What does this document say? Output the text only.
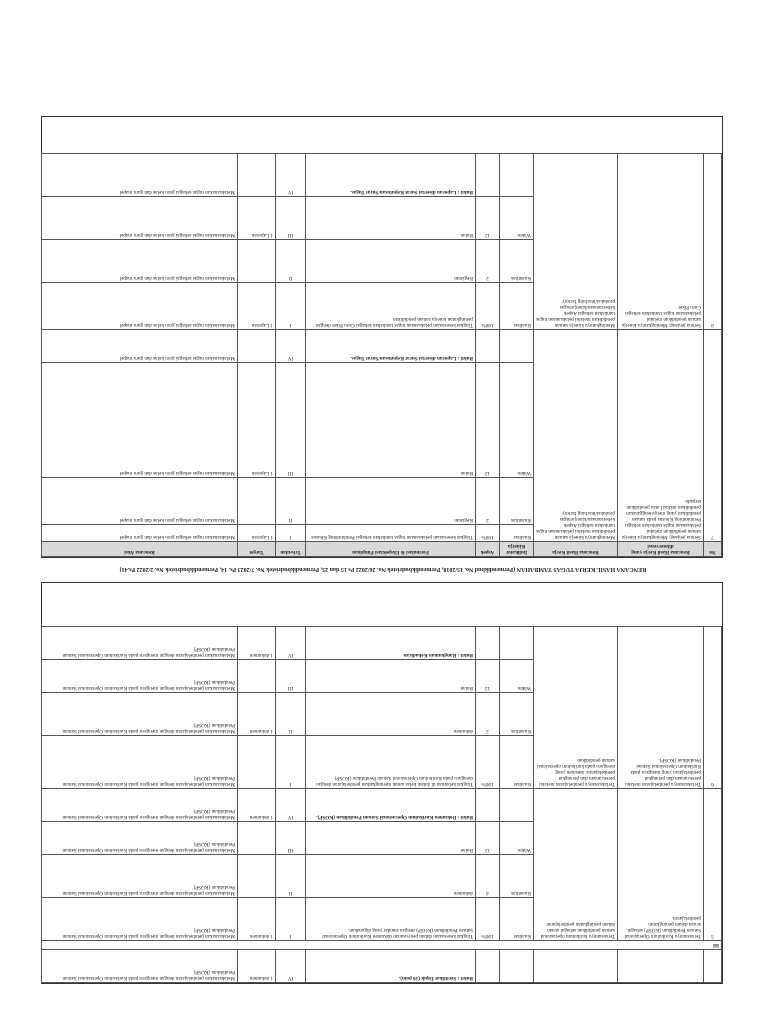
RENCANA HASIL KERJA TUGAS TAMBAHAN (Permendikbud No. 15/2018, Permendikbudristek No. 26/2022 Ps 15 dan 25, Permendikbudristek No. 7/2023 Ps. 14, Permendikbudristek No. 2/2022 Ps.41)
No	Rencana Hasil Kerja yang diintervensi	Rencana Hasil Kerja	Indikator Kinerja	Aspek	Formulasi & Ekspektasi Pimpinan	Triwulan	Target	Rencana Aksi
7	Semua jenjang: Meningkatnya kinerja satuan pendidikan melalui pelaksanaan tugas tambahan sebagai Pembimbing Khusus pada satuan pendidikan yang menyelenggarakan pendidikan inklusif atau pendidikan terpadu	Meningkatnya kinerja satuan pendidikan melalui pelaksanaan tugas tambahan sebagai Aspek kebersamaan/kinerja/tugas produksi/teaching factory	Kualitas	100%	Tingkat kesesuaian pelaksanaan tugas tambahan sebagai Pembimbing Khusus	I	1 Laporan	Melaksanakan tugas sebagai guru kelas dan guru mapel
			Kuantitas	2	Kegiatan	II		Melaksanakan tugas sebagai guru kelas dan guru mapel
			Waktu	12	Bulan	III	1 Laporan	Melaksanakan tugas sebagai guru kelas dan guru mapel
					Bukti : Laporan disertai Surat Keputusan/Surat Tugas.	IV		Melaksanakan tugas sebagai guru kelas dan guru mapel
8	Semua jenjang: Meningkatnya kinerja satuan pendidikan melalui pelaksanaan tugas tambahan sebagai Guru Piket	Meningkatnya kinerja satuan pendidikan melalui pelaksanaan tugas tambahan sebagai Aspek kebersamaan/kinerja/tugas produksi/teaching factory	Kualitas	100%	Tingkat kesesuaian pelaksanaan tugas tambahan sebagai Guru Piket dengan peningkatan kinerja satuan pendidikan	I	1 Laporan	Melaksanakan tugas sebagai guru kelas dan guru mapel
			Kuantitas	2	Kegiatan	II		Melaksanakan tugas sebagai guru kelas dan guru mapel
			Waktu	12	Bulan	III	1 Laporan	Melaksanakan tugas sebagai guru kelas dan guru mapel
					Bukti : Laporan disertai Surat Keputusan/Surat Tugas.	IV		Melaksanakan tugas sebagai guru kelas dan guru mapel
					Bukti : Sertifikat Topik (16 poin).	IV	1 dokumen	Melaksanakan pembelajaran dengan mengacu pada Kurikulum Operasional Satuan Pendidikan (KOSP)
III								
5	Tersusunnya Kurikulum Operasional Satuan Pendidikan (KOSP) sebagai acuan dalam peningkatan pembelajaran.	Tersusunnya kurikulum operasional satuan pendidikan sebagai acuan dalam peningkatan pembelajaran	Kualitas	100%	Tingkat kesesuaian dalam penyusunan dokumen Kurikulum Operasional Satuan Pendidikan (KOSP) dengan standar yang digunakan.	I	1 dokumen	Melaksanakan pembelajaran dengan mengacu pada Kurikulum Operasional Satuan Pendidikan (KOSP)
			Kuantitas	4	dokumen	II		Melaksanakan pembelajaran dengan mengacu pada Kurikulum Operasional Satuan Pendidikan (KOSP)
			Waktu	12	Bulan	III		Melaksanakan pembelajaran dengan mengacu pada Kurikulum Operasional Satuan Pendidikan (KOSP)
					Bukti : Dokumen Kurikulum Operasional Satuan Pendidikan (KOSP).	IV	1 dokumen	Melaksanakan pembelajaran dengan mengacu pada Kurikulum Operasional Satuan Pendidikan (KOSP)
6	Terlaksananya pembelajaran melalui perencanaan dan perangkat pembelajaran yang mengacu pada Kurikulum Operasional Satuan Pendidikan (KOSP).	Terlaksananya pembelajaran melalui perencanaan dan perangkat pembelajaran/ asesmen yang mengacu pada kurikulum operasional satuan pendidikan	Kualitas	100%	Tingkat kebaruan di dalam kelas untuk meningkatkan pembelajaran dengan mengacu pada Kurikulum Operasional Satuan Pendidikan (KOSP)	I		Melaksanakan pembelajaran dengan mengacu pada Kurikulum Operasional Satuan Pendidikan (KOSP)
			Kuantitas	2	dokumen	II	1 dokumen	Melaksanakan pembelajaran dengan mengacu pada Kurikulum Operasional Satuan Pendidikan (KOSP)
			Waktu	12	Bulan	III		Melaksanakan pembelajaran dengan mengacu pada Kurikulum Operasional Satuan Pendidikan (KOSP)
					Bukti : Rangkuman Kehadiran	IV	1 dokumen	Melaksanakan pembelajaran dengan mengacu pada Kurikulum Operasional Satuan Pendidikan (KOSP)
